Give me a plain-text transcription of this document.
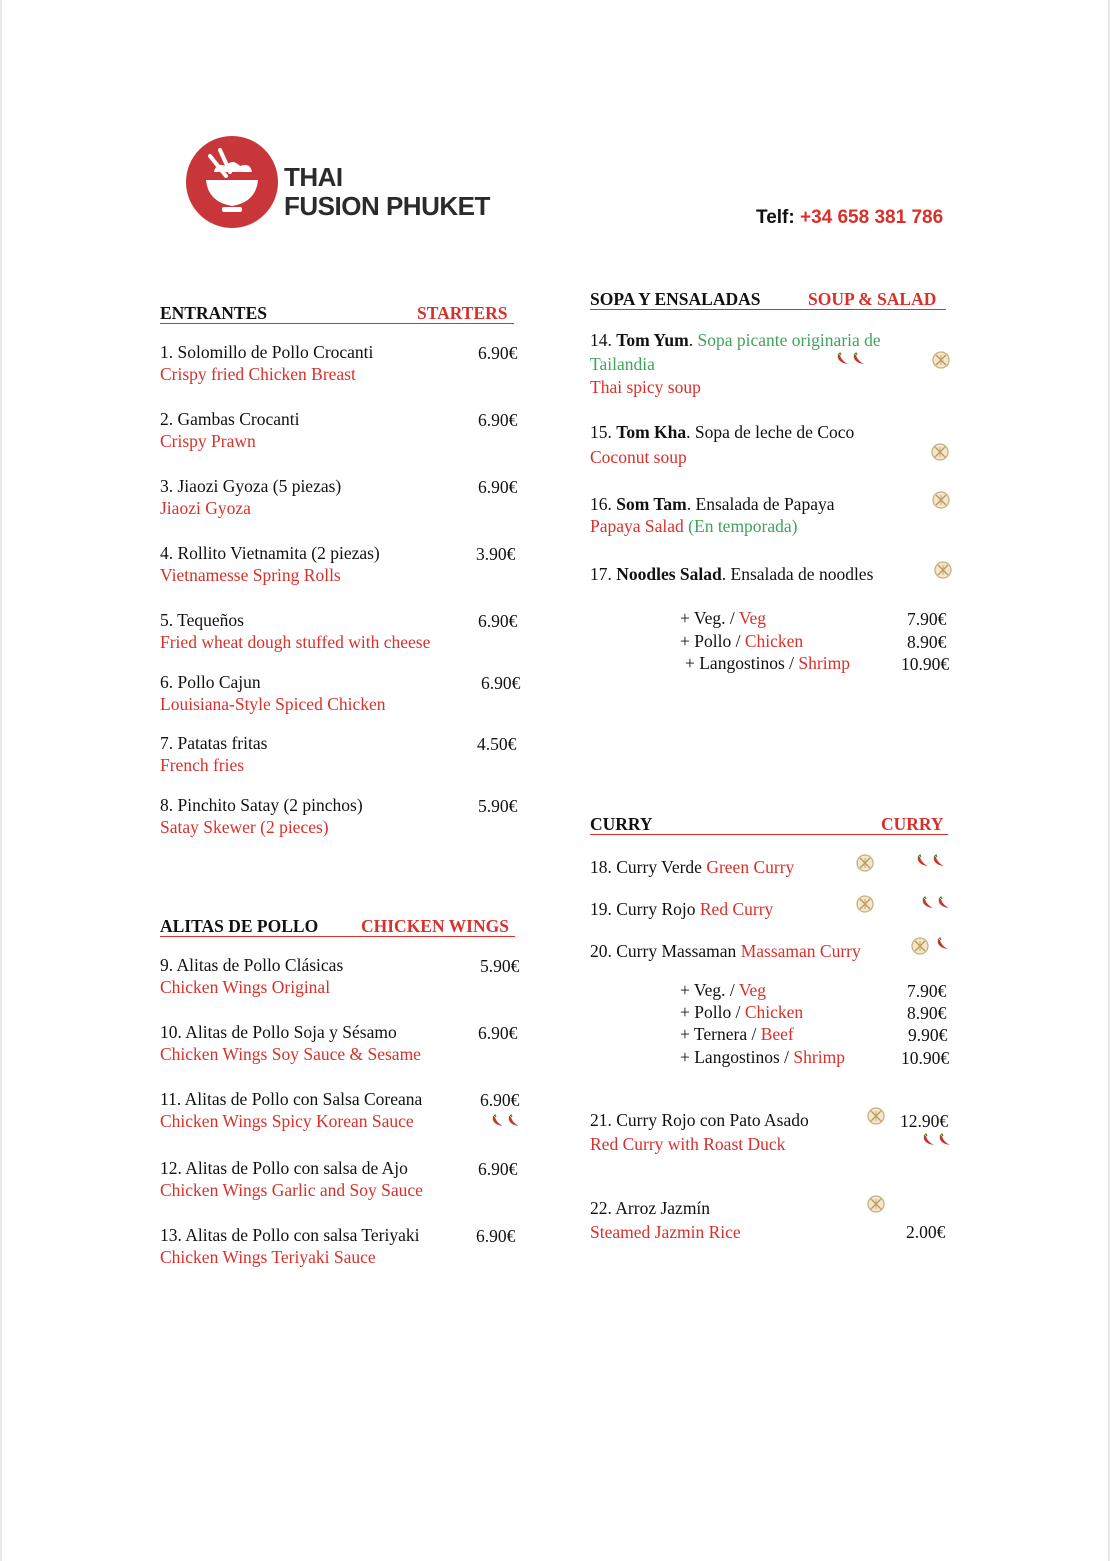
THAI
FUSION PHUKET	Telf: +34 658 381 786
ENTRANTES	STARTERS
1. Solomillo de Pollo Crocanti
Crispy fried Chicken Breast
6.90€
2. Gambas Crocanti
Crispy Prawn
6.90€
3. Jiaozi Gyoza (5 piezas)
Jiaozi Gyoza
6.90€
4. Rollito Vietnamita (2 piezas)
Vietnamesse Spring Rolls
3.90€
5. Tequeños
Fried wheat dough stuffed with cheese
6.90€
6. Pollo Cajun
Louisiana-Style Spiced Chicken
6.90€
7. Patatas fritas
French fries
4.50€
8. Pinchito Satay (2 pinchos)
Satay Skewer (2 pieces)
5.90€
ALITAS DE POLLO CHICKEN WINGS
9. Alitas de Pollo Clásicas
Chicken Wings Original
5.90€
10. Alitas de Pollo Soja y Sésamo
Chicken Wings Soy Sauce & Sesame
6.90€
11. Alitas de Pollo con Salsa Coreana
Chicken Wings Spicy Korean Sauce
6.90€
12. Alitas de Pollo con salsa de Ajo
Chicken Wings Garlic and Soy Sauce
6.90€
13. Alitas de Pollo con salsa Teriyaki
Chicken Wings Teriyaki Sauce
6.90€
SOPA Y ENSALADAS	SOUP & SALAD
14. Tom Yum. Sopa picante originaria de
Tailandia
Thai spicy soup
15. Tom Kha. Sopa de leche de Coco
Coconut soup
16. Som Tam. Ensalada de Papaya
Papaya Salad (En temporada)
17. Noodles Salad. Ensalada de noodles
+ Veg. / Veg	7.90€
+ Pollo / Chicken	8.90€
+ Langostinos / Shrimp	10.90€
CURRY	CURRY
18. Curry Verde Green Curry
19. Curry Rojo Red Curry
20. Curry Massaman Massaman Curry
+ Veg. / Veg	7.90€
+ Pollo / Chicken	8.90€
+ Ternera / Beef	9.90€
+ Langostinos / Shrimp	10.90€
21. Curry Rojo con Pato Asado
Red Curry with Roast Duck
12.90€
22. Arroz Jazmín
Steamed Jazmin Rice	2.00€
